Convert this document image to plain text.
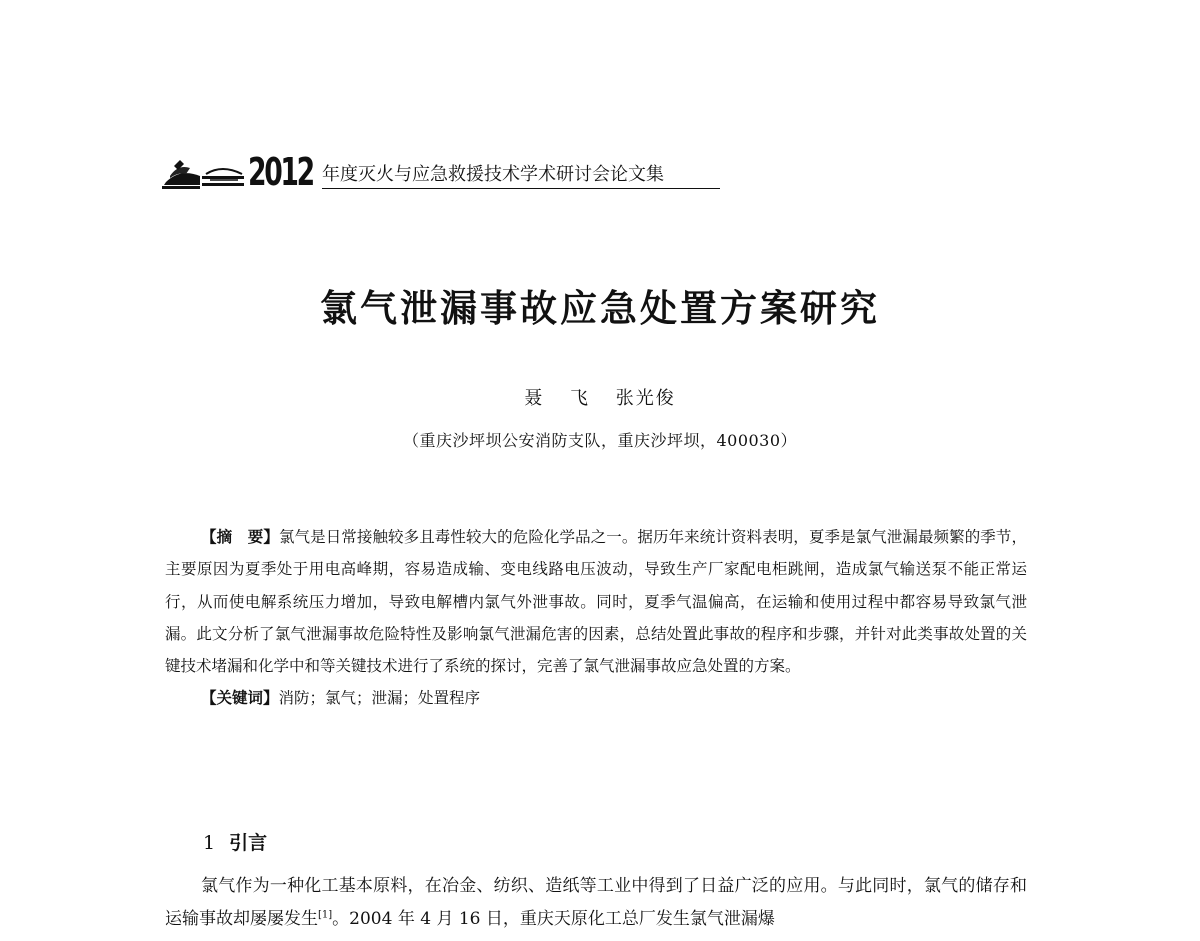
2012 年度灭火与应急救援技术学术研讨会论文集
氯气泄漏事故应急处置方案研究
聂 飞 张光俊
（重庆沙坪坝公安消防支队，重庆沙坪坝，400030）
【摘　要】氯气是日常接触较多且毒性较大的危险化学品之一。据历年来统计资料表明，夏季是氯气泄漏最频繁的季节，主要原因为夏季处于用电高峰期，容易造成输、变电线路电压波动，导致生产厂家配电柜跳闸，造成氯气输送泵不能正常运行，从而使电解系统压力增加，导致电解槽内氯气外泄事故。同时，夏季气温偏高，在运输和使用过程中都容易导致氯气泄漏。此文分析了氯气泄漏事故危险特性及影响氯气泄漏危害的因素，总结处置此事故的程序和步骤，并针对此类事故处置的关键技术堵漏和化学中和等关键技术进行了系统的探讨，完善了氯气泄漏事故应急处置的方案。
【关键词】消防；氯气；泄漏；处置程序
1 引言
氯气作为一种化工基本原料，在冶金、纺织、造纸等工业中得到了日益广泛的应用。与此同时，氯气的储存和运输事故却屡屡发生[1]。2004 年 4 月 16 日，重庆天原化工总厂发生氯气泄漏爆
